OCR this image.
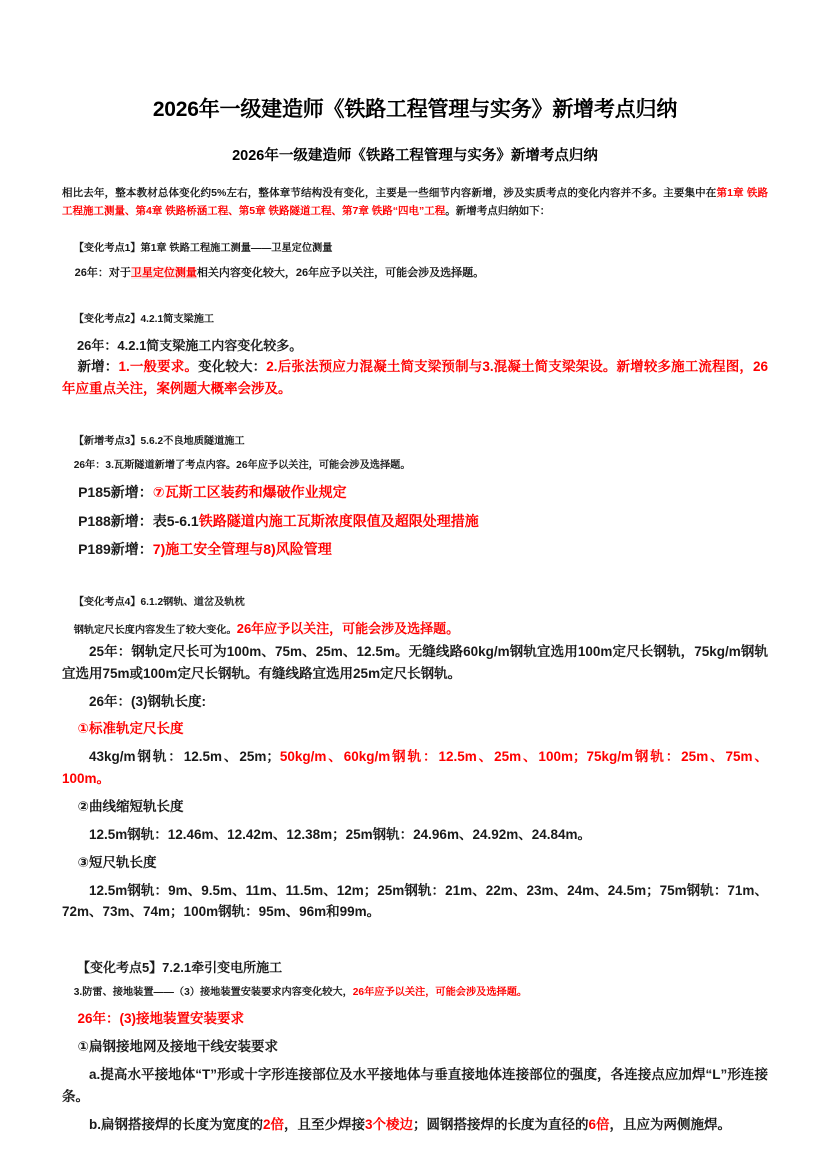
2026年一级建造师《铁路工程管理与实务》新增考点归纳
2026年一级建造师《铁路工程管理与实务》新增考点归纳

相比去年，整本教材总体变化约5%左右，整体章节结构没有变化，主要是一些细节内容新增，涉及实质考点的变化内容并不多。主要集中在第1章 铁路工程施工测量、第4章 铁路桥涵工程、第5章 铁路隧道工程、第7章 铁路“四电”工程。新增考点归纳如下：

【变化考点1】第1章 铁路工程施工测量——卫星定位测量

26年：对于卫星定位测量相关内容变化较大，26年应予以关注，可能会涉及选择题。

【变化考点2】4.2.1简支梁施工

26年：4.2.1简支梁施工内容变化较多。

新增：1.一般要求。变化较大：2.后张法预应力混凝土简支梁预制与3.混凝土简支梁架设。新增较多施工流程图，26年应重点关注，案例题大概率会涉及。

【新增考点3】5.6.2不良地质隧道施工

26年：3.瓦斯隧道新增了考点内容。26年应予以关注，可能会涉及选择题。

P185新增：⑦瓦斯工区装药和爆破作业规定

P188新增：表5-6.1铁路隧道内施工瓦斯浓度限值及超限处理措施

P189新增：7)施工安全管理与8)风险管理

【变化考点4】6.1.2钢轨、道岔及轨枕

钢轨定尺长度内容发生了较大变化。26年应予以关注，可能会涉及选择题。

25年：钢轨定尺长可为100m、75m、25m、12.5m。无缝线路60kg/m钢轨宜选用100m定尺长钢轨，75kg/m钢轨宜选用75m或100m定尺长钢轨。有缝线路宜选用25m定尺长钢轨。

26年：(3)钢轨长度:

①标准轨定尺长度

43kg/m钢轨：12.5m、25m；50kg/m、60kg/m钢轨：12.5m、25m、100m；75kg/m钢轨：25m、75m、100m。

②曲线缩短轨长度

12.5m钢轨：12.46m、12.42m、12.38m；25m钢轨：24.96m、24.92m、24.84m。

③短尺轨长度

12.5m钢轨：9m、9.5m、11m、11.5m、12m；25m钢轨：21m、22m、23m、24m、24.5m；75m钢轨：71m、72m、73m、74m；100m钢轨：95m、96m和99m。

【变化考点5】7.2.1牵引变电所施工

3.防雷、接地装置——（3）接地装置安装要求内容变化较大，26年应予以关注，可能会涉及选择题。

26年：(3)接地装置安装要求

①扁钢接地网及接地干线安装要求

a.提高水平接地体“T”形或十字形连接部位及水平接地体与垂直接地体连接部位的强度，各连接点应加焊“L”形连接条。

b.扁钢搭接焊的长度为宽度的2倍，且至少焊接3个棱边；圆钢搭接焊的长度为直径的6倍，且应为两侧施焊。
